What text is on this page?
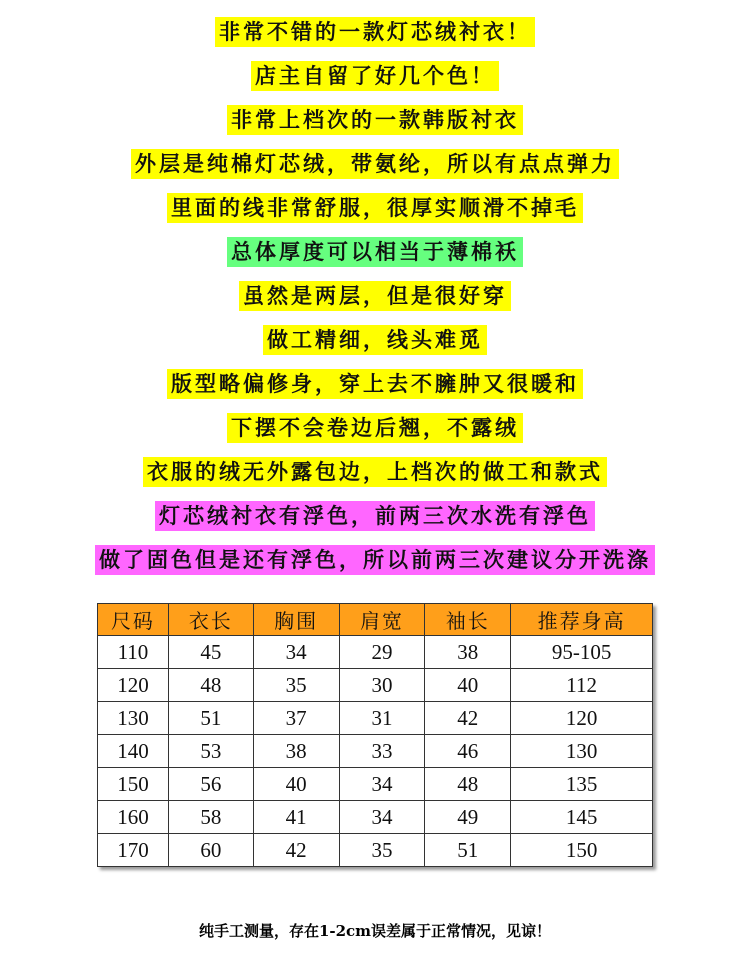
非常不错的一款灯芯绒衬衣！
店主自留了好几个色！
非常上档次的一款韩版衬衣
外层是纯棉灯芯绒，带氨纶，所以有点点弹力
里面的线非常舒服，很厚实顺滑不掉毛
总体厚度可以相当于薄棉袄
虽然是两层，但是很好穿
做工精细，线头难觅
版型略偏修身，穿上去不臃肿又很暖和
下摆不会卷边后翘，不露绒
衣服的绒无外露包边，上档次的做工和款式
灯芯绒衬衣有浮色，前两三次水洗有浮色
做了固色但是还有浮色，所以前两三次建议分开洗涤
尺码	衣长	胸围	肩宽	袖长	推荐身高
110	45	34	29	38	95-105
120	48	35	30	40	112
130	51	37	31	42	120
140	53	38	33	46	130
150	56	40	34	48	135
160	58	41	34	49	145
170	60	42	35	51	150
纯手工测量，存在1-2cm误差属于正常情况，见谅！
